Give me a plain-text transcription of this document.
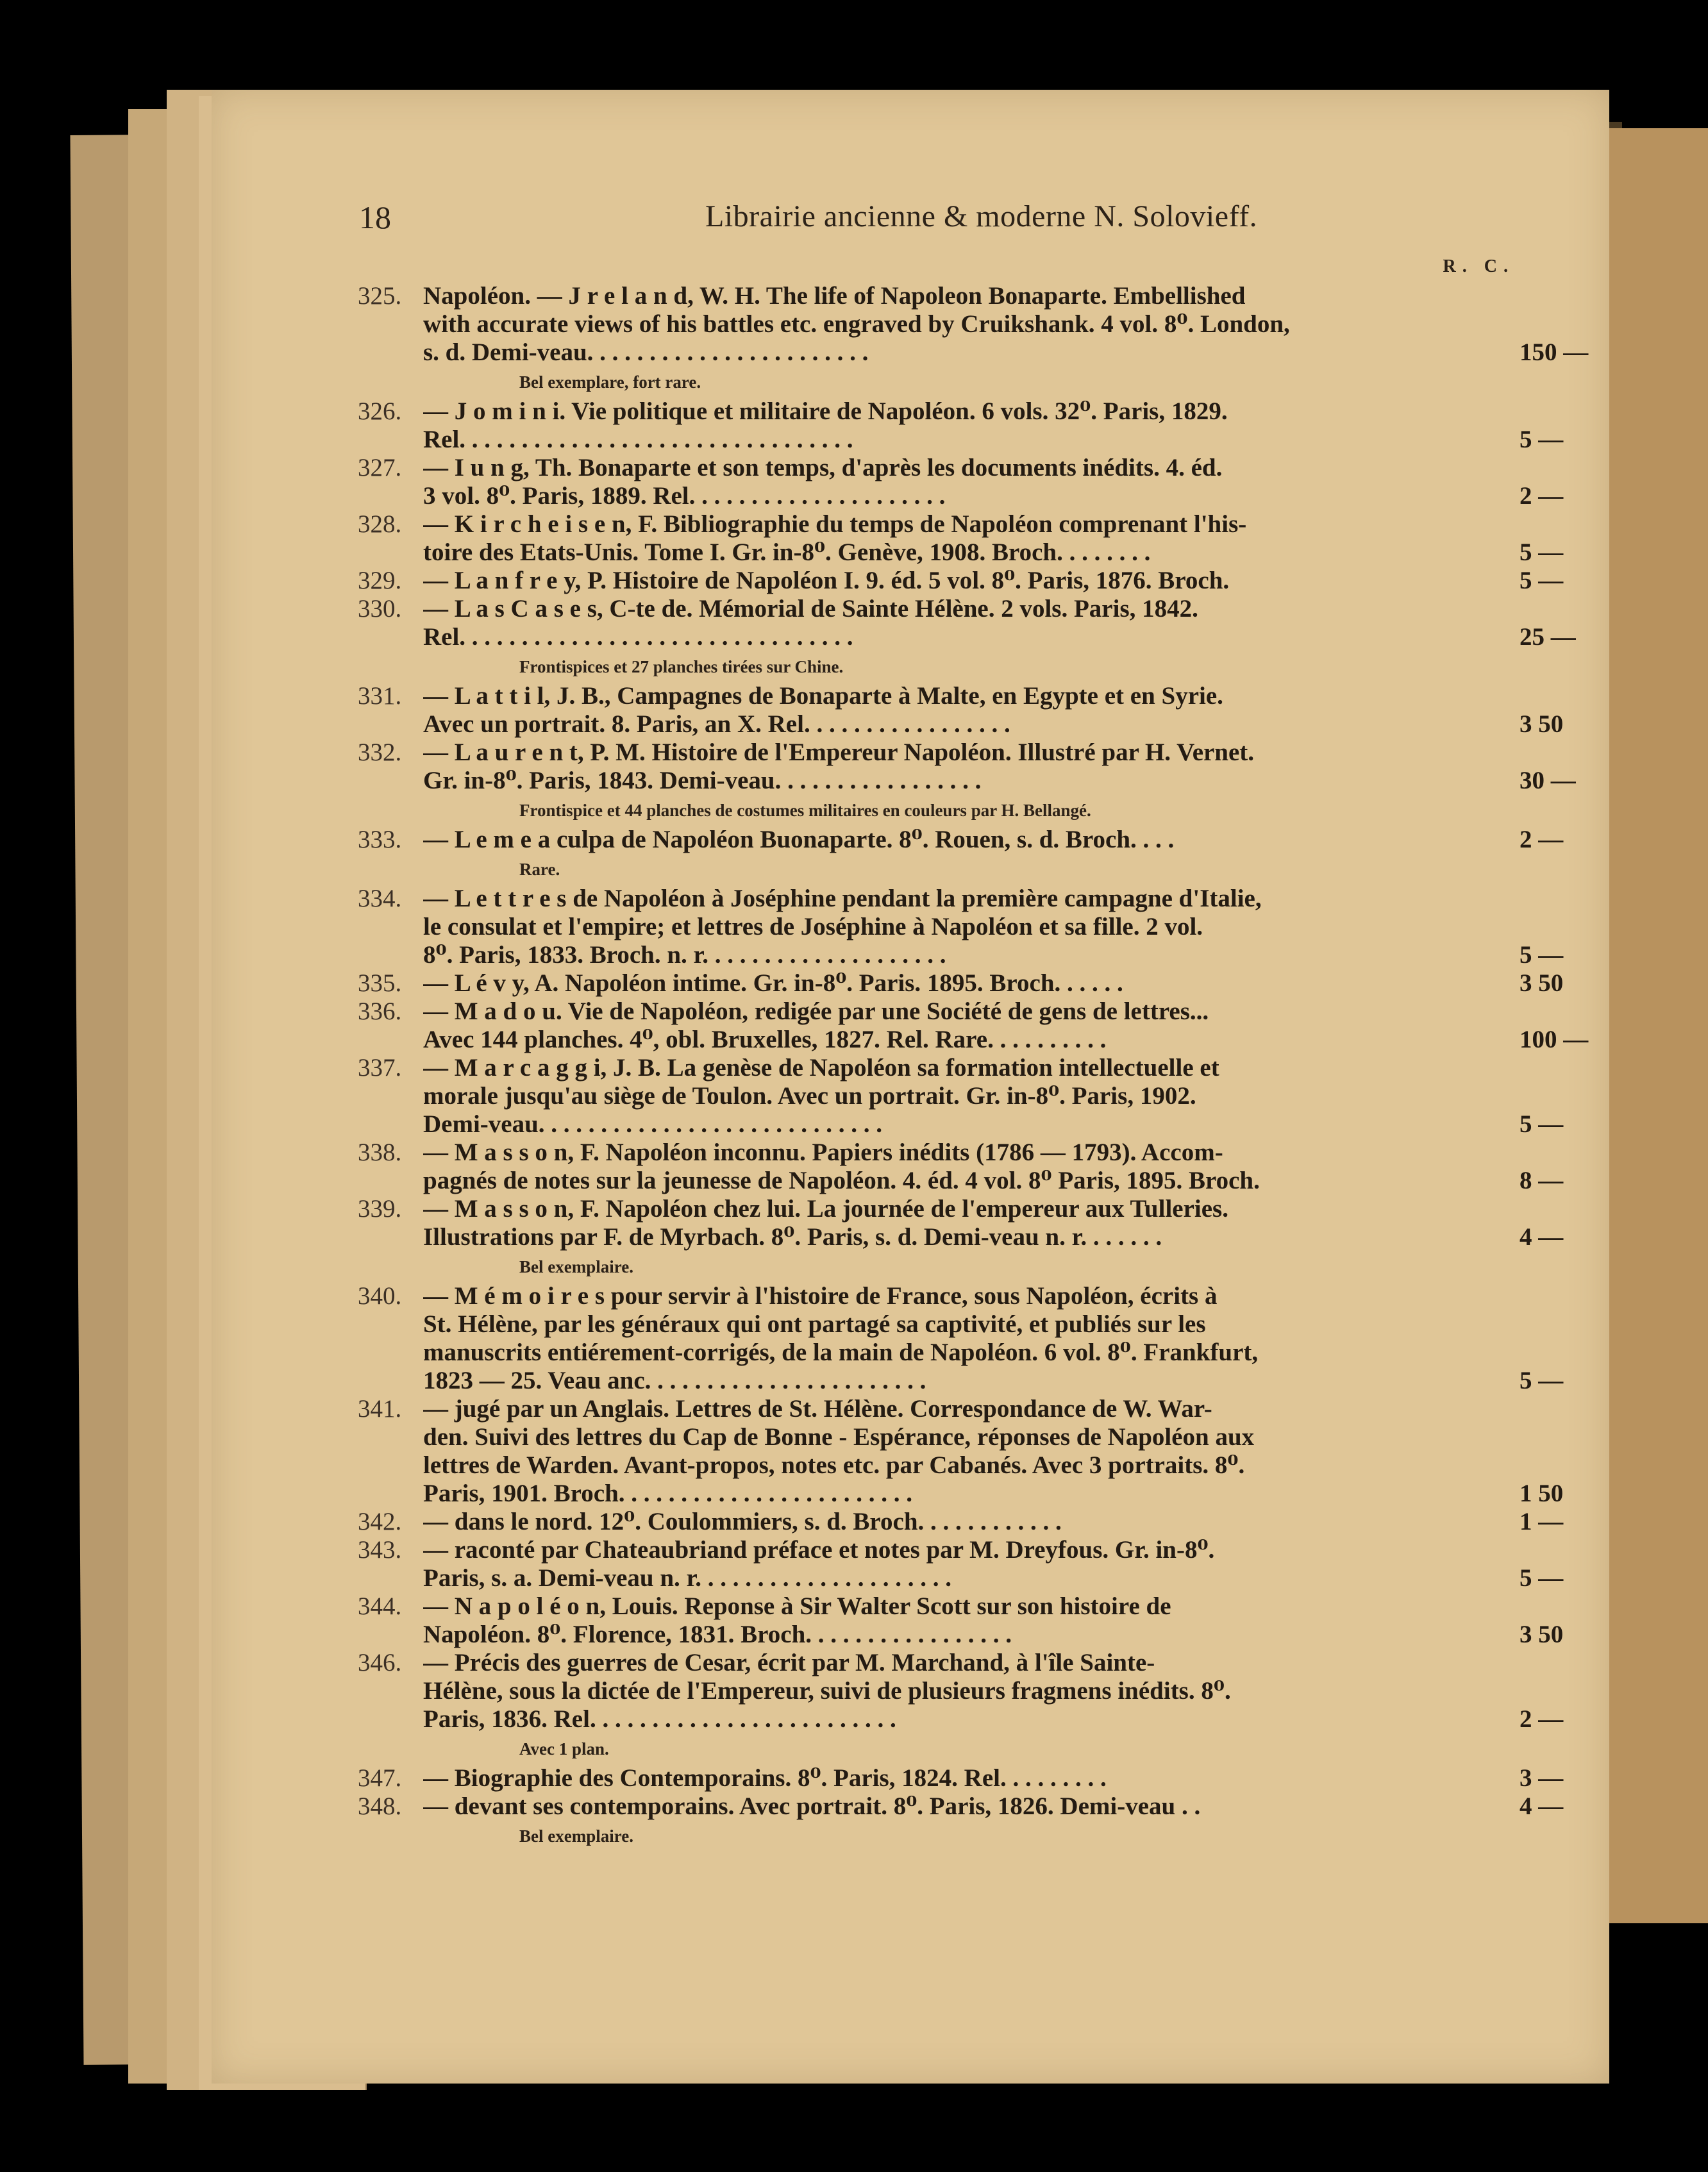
18	Librairie ancienne & moderne N. Solovieff.
R. C.
325. Napoléon. — J r e l a n d, W. H. The life of Napoleon Bonaparte. Embellished
with accurate views of his battles etc. engraved by Cruikshank. 4 vol. 8⁰. London,
s. d. Demi-veau. . . . . . . . . . . . . . . . . . . . . . .	150 —
Bel exemplare, fort rare.
326. — J o m i n i. Vie politique et militaire de Napoléon. 6 vols. 32⁰. Paris, 1829.
Rel. . . . . . . . . . . . . . . . . . . . . . . . . . . . . . . .	5 —
327. — I u n g, Th. Bonaparte et son temps, d'après les documents inédits. 4. éd.
3 vol. 8⁰. Paris, 1889. Rel. . . . . . . . . . . . . . . . . . . . .	2 —
328. — K i r c h e i s e n, F. Bibliographie du temps de Napoléon comprenant l'his-
toire des Etats-Unis. Tome I. Gr. in-8⁰. Genève, 1908. Broch. . . . . . . .	5 —
329. — L a n f r e y, P. Histoire de Napoléon I. 9. éd. 5 vol. 8⁰. Paris, 1876. Broch.	5 —
330. — L a s C a s e s, C-te de. Mémorial de Sainte Hélène. 2 vols. Paris, 1842.
Rel. . . . . . . . . . . . . . . . . . . . . . . . . . . . . . . .	25 —
Frontispices et 27 planches tirées sur Chine.
331. — L a t t i l, J. B., Campagnes de Bonaparte à Malte, en Egypte et en Syrie.
Avec un portrait. 8. Paris, an X. Rel. . . . . . . . . . . . . . . . .	3 50
332. — L a u r e n t, P. M. Histoire de l'Empereur Napoléon. Illustré par H. Vernet.
Gr. in-8⁰. Paris, 1843. Demi-veau. . . . . . . . . . . . . . . . .	30 —
Frontispice et 44 planches de costumes militaires en couleurs par H. Bellangé.
333. — L e m e a culpa de Napoléon Buonaparte. 8⁰. Rouen, s. d. Broch. . . .	2 —
Rare.
334. — L e t t r e s de Napoléon à Joséphine pendant la première campagne d'Italie,
le consulat et l'empire; et lettres de Joséphine à Napoléon et sa fille. 2 vol.
8⁰. Paris, 1833. Broch. n. r. . . . . . . . . . . . . . . . . . . .	5 —
335. — L é v y, A. Napoléon intime. Gr. in-8⁰. Paris. 1895. Broch. . . . . .	3 50
336. — M a d o u. Vie de Napoléon, redigée par une Société de gens de lettres...
Avec 144 planches. 4⁰, obl. Bruxelles, 1827. Rel. Rare. . . . . . . . . .	100 —
337. — M a r c a g g i, J. B. La genèse de Napoléon sa formation intellectuelle et
morale jusqu'au siège de Toulon. Avec un portrait. Gr. in-8⁰. Paris, 1902.
Demi-veau. . . . . . . . . . . . . . . . . . . . . . . . . . . .	5 —
338. — M a s s o n, F. Napoléon inconnu. Papiers inédits (1786 — 1793). Accom-
pagnés de notes sur la jeunesse de Napoléon. 4. éd. 4 vol. 8⁰ Paris, 1895. Broch.	8 —
339. — M a s s o n, F. Napoléon chez lui. La journée de l'empereur aux Tulleries.
Illustrations par F. de Myrbach. 8⁰. Paris, s. d. Demi-veau n. r. . . . . . .	4 —
Bel exemplaire.
340. — M é m o i r e s pour servir à l'histoire de France, sous Napoléon, écrits à
St. Hélène, par les généraux qui ont partagé sa captivité, et publiés sur les
manuscrits entiérement-corrigés, de la main de Napoléon. 6 vol. 8⁰. Frankfurt,
1823 — 25. Veau anc. . . . . . . . . . . . . . . . . . . . . . .	5 —
341. — jugé par un Anglais. Lettres de St. Hélène. Correspondance de W. War-
den. Suivi des lettres du Cap de Bonne - Espérance, réponses de Napoléon aux
lettres de Warden. Avant-propos, notes etc. par Cabanés. Avec 3 portraits. 8⁰.
Paris, 1901. Broch. . . . . . . . . . . . . . . . . . . . . . . .	1 50
342. — dans le nord. 12⁰. Coulommiers, s. d. Broch. . . . . . . . . . . .	1 —
343. — raconté par Chateaubriand préface et notes par M. Dreyfous. Gr. in-8⁰.
Paris, s. a. Demi-veau n. r. . . . . . . . . . . . . . . . . . . . .	5 —
344. — N a p o l é o n, Louis. Reponse à Sir Walter Scott sur son histoire de
Napoléon. 8⁰. Florence, 1831. Broch. . . . . . . . . . . . . . . . .	3 50
346. — Précis des guerres de Cesar, écrit par M. Marchand, à l'île Sainte-
Hélène, sous la dictée de l'Empereur, suivi de plusieurs fragmens inédits. 8⁰.
Paris, 1836. Rel. . . . . . . . . . . . . . . . . . . . . . . . .	2 —
Avec 1 plan.
347. — Biographie des Contemporains. 8⁰. Paris, 1824. Rel. . . . . . . . .	3 —
348. — devant ses contemporains. Avec portrait. 8⁰. Paris, 1826. Demi-veau . .	4 —
Bel exemplaire.
